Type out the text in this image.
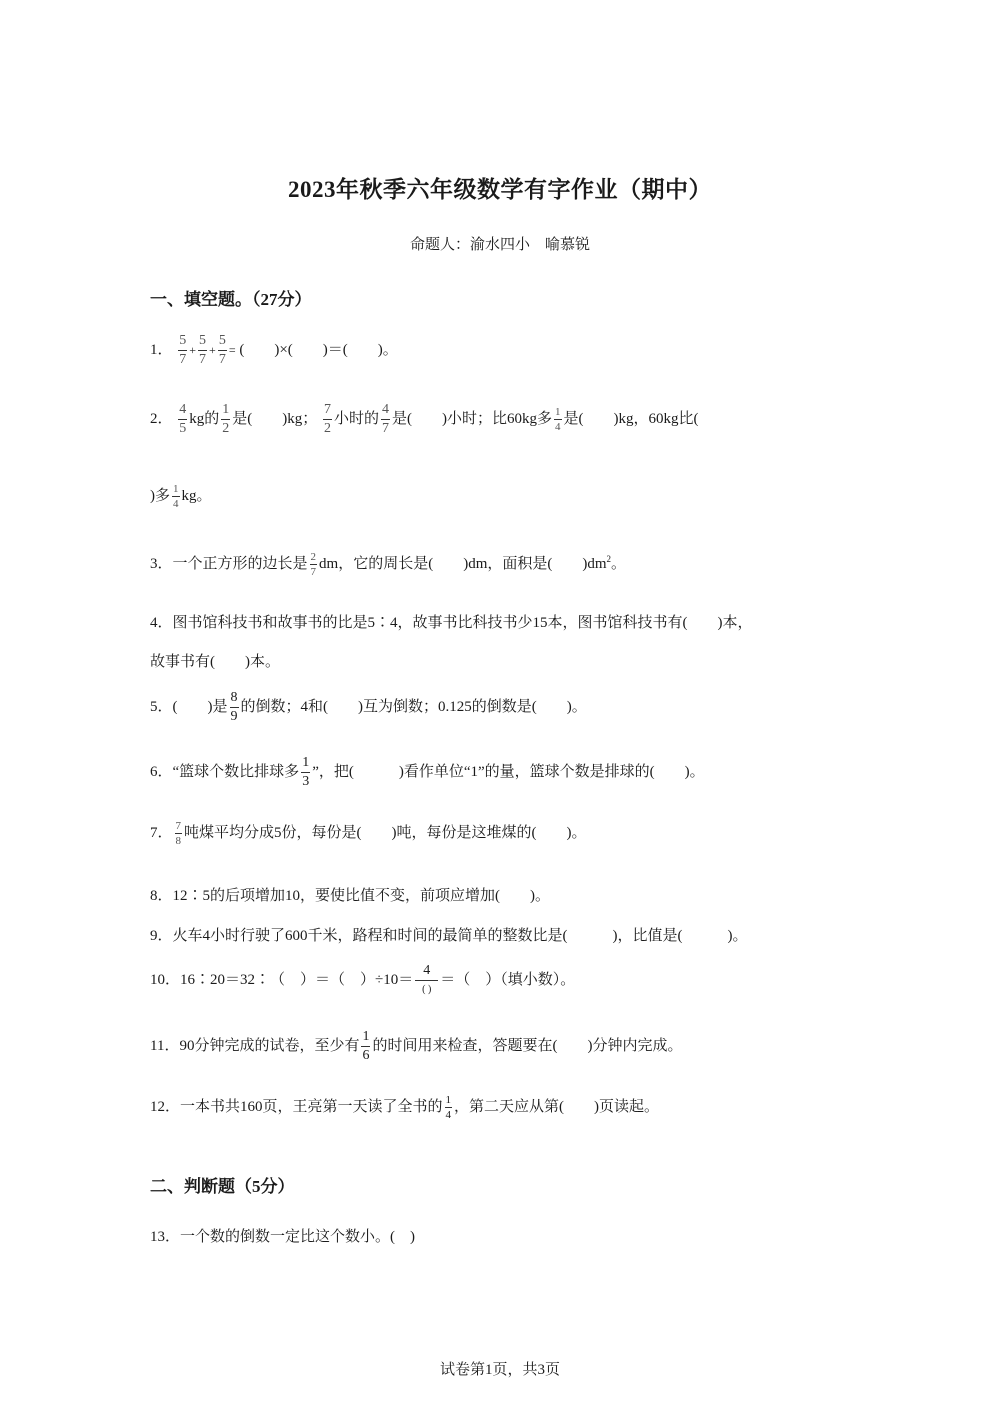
2023年秋季六年级数学有字作业（期中）
命题人：渝水四小　喻慕锐
一、填空题。（27分）
1． $\frac{5}{7} + \frac{5}{7} + \frac{5}{7}$ = (　　)×(　　)＝(　　)。
2． $\frac{4}{5}$ kg的 $\frac{1}{2}$ 是(　　)kg； $\frac{7}{2}$ 小时的 $\frac{4}{7}$ 是(　　)小时；比60kg多 $\frac{1}{4}$ 是(　　)kg，60kg比(
)多 $\frac{1}{4}$ kg。
3．一个正方形的边长是 $\frac{2}{7}$ dm，它的周长是(　　)dm，面积是(　　)$dm^2$。
4．图书馆科技书和故事书的比是5∶4，故事书比科技书少15本，图书馆科技书有(　　)本，
故事书有(　　)本。
5．(　　)是 $\frac{8}{9}$ 的倒数；4和(　　)互为倒数；0.125的倒数是(　　)。
6．“篮球个数比排球多 $\frac{1}{3}$ ”，把(　　　)看作单位“1”的量，篮球个数是排球的(　　)。
7． $\frac{7}{8}$ 吨煤平均分成5份，每份是(　　)吨，每份是这堆煤的(　　)。
8．12∶5的后项增加10，要使比值不变，前项应增加(　　)。
9．火车4小时行驶了600千米，路程和时间的最简单的整数比是(　　　)，比值是(　　　)。
10．16∶20＝32∶（　）＝（　）÷10＝
4
( )
＝（　）（填小数）。
11．90分钟完成的试卷，至少有 $\frac{1}{6}$ 的时间用来检查，答题要在(　　)分钟内完成。
12．一本书共160页，王亮第一天读了全书的 $\frac{1}{4}$ ，第二天应从第(　　)页读起。
二、判断题（5分）
13．一个数的倒数一定比这个数小。(　)
试卷第1页，共3页
